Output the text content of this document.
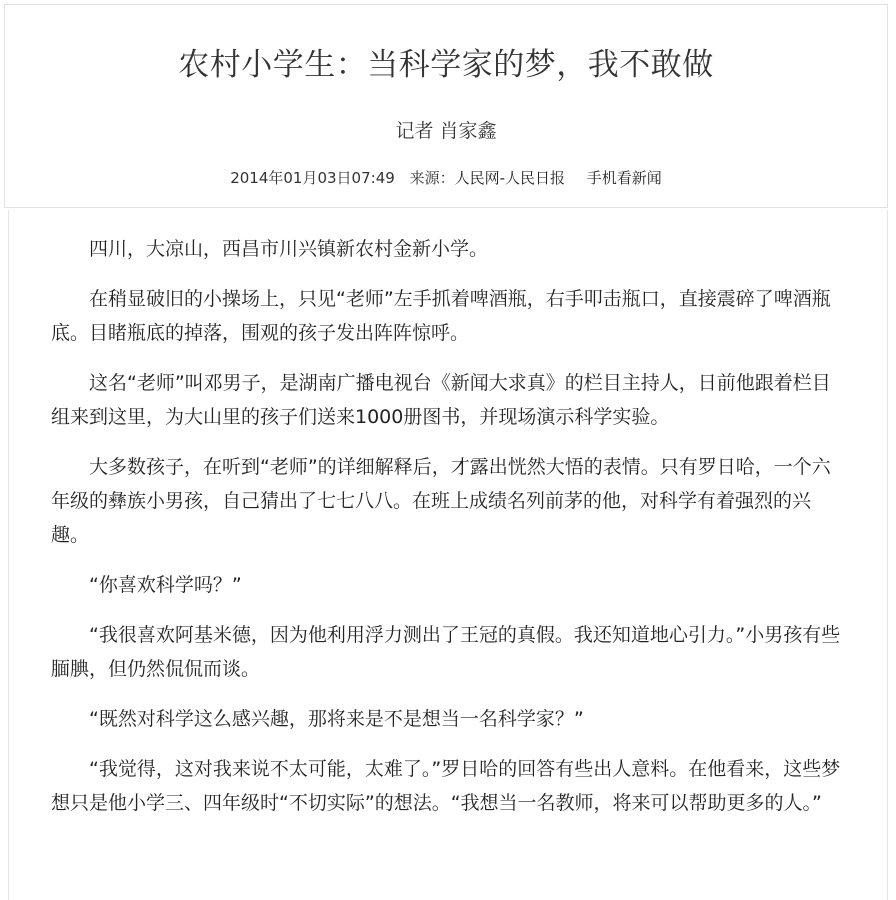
农村小学生：当科学家的梦，我不敢做
记者 肖家鑫
2014年01月03日07:49 来源：人民网-人民日报 手机看新闻

四川，大凉山，西昌市川兴镇新农村金新小学。

在稍显破旧的小操场上，只见“老师”左手抓着啤酒瓶，右手叩击瓶口，直接震碎了啤酒瓶底。目睹瓶底的掉落，围观的孩子发出阵阵惊呼。

这名“老师”叫邓男子，是湖南广播电视台《新闻大求真》的栏目主持人，日前他跟着栏目组来到这里，为大山里的孩子们送来1000册图书，并现场演示科学实验。

大多数孩子，在听到“老师”的详细解释后，才露出恍然大悟的表情。只有罗日哈，一个六年级的彝族小男孩，自己猜出了七七八八。在班上成绩名列前茅的他，对科学有着强烈的兴趣。

“你喜欢科学吗？”

“我很喜欢阿基米德，因为他利用浮力测出了王冠的真假。我还知道地心引力。”小男孩有些腼腆，但仍然侃侃而谈。

“既然对科学这么感兴趣，那将来是不是想当一名科学家？”

“我觉得，这对我来说不太可能，太难了。”罗日哈的回答有些出人意料。在他看来，这些梦想只是他小学三、四年级时“不切实际”的想法。“我想当一名教师，将来可以帮助更多的人。”
